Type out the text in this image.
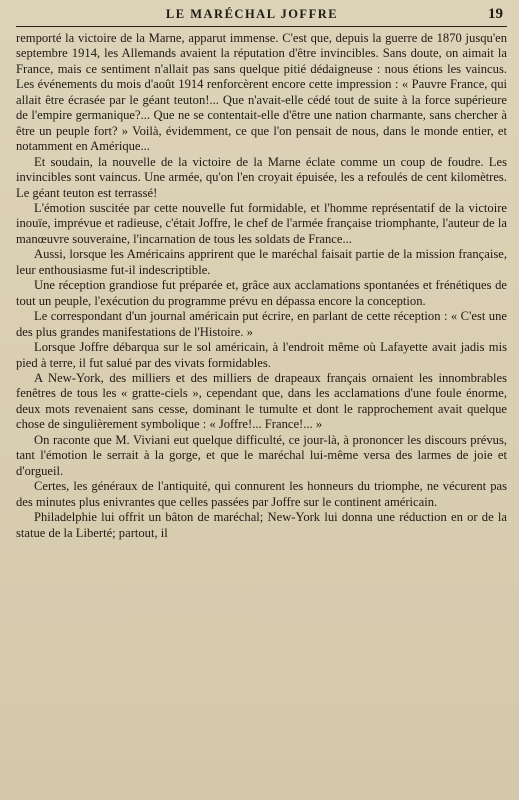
LE MARÉCHAL JOFFRE	19

remporté la victoire de la Marne, apparut immense. C'est que, depuis la guerre de 1870 jusqu'en septembre 1914, les Allemands avaient la réputation d'être invincibles. Sans doute, on aimait la France, mais ce sentiment n'allait pas sans quelque pitié dédaigneuse : nous étions les vaincus. Les événements du mois d'août 1914 renforcèrent encore cette impression : « Pauvre France, qui allait être écrasée par le géant teuton!... Que n'avait-elle cédé tout de suite à la force supérieure de l'empire germanique?... Que ne se contentait-elle d'être une nation charmante, sans chercher à être un peuple fort? » Voilà, évidemment, ce que l'on pensait de nous, dans le monde entier, et notamment en Amérique...

Et soudain, la nouvelle de la victoire de la Marne éclate comme un coup de foudre. Les invincibles sont vaincus. Une armée, qu'on l'en croyait épuisée, les a refoulés de cent kilomètres. Le géant teuton est terrassé!

L'émotion suscitée par cette nouvelle fut formidable, et l'homme représentatif de la victoire inouïe, imprévue et radieuse, c'était Joffre, le chef de l'armée française triomphante, l'auteur de la manœuvre souveraine, l'incarnation de tous les soldats de France...

Aussi, lorsque les Américains apprirent que le maréchal faisait partie de la mission française, leur enthousiasme fut-il indescriptible.

Une réception grandiose fut préparée et, grâce aux acclamations spontanées et frénétiques de tout un peuple, l'exécution du programme prévu en dépassa encore la conception.

Le correspondant d'un journal américain put écrire, en parlant de cette réception : « C'est une des plus grandes manifestations de l'Histoire. »

Lorsque Joffre débarqua sur le sol américain, à l'endroit même où Lafayette avait jadis mis pied à terre, il fut salué par des vivats formidables.

A New-York, des milliers et des milliers de drapeaux français ornaient les innombrables fenêtres de tous les « gratte-ciels », cependant que, dans les acclamations d'une foule énorme, deux mots revenaient sans cesse, dominant le tumulte et dont le rapprochement avait quelque chose de singulièrement symbolique : « Joffre!... France!... »

On raconte que M. Viviani eut quelque difficulté, ce jour-là, à prononcer les discours prévus, tant l'émotion le serrait à la gorge, et que le maréchal lui-même versa des larmes de joie et d'orgueil.

Certes, les généraux de l'antiquité, qui connurent les honneurs du triomphe, ne vécurent pas des minutes plus enivrantes que celles passées par Joffre sur le continent américain.

Philadelphie lui offrit un bâton de maréchal; New-York lui donna une réduction en or de la statue de la Liberté; partout, il
